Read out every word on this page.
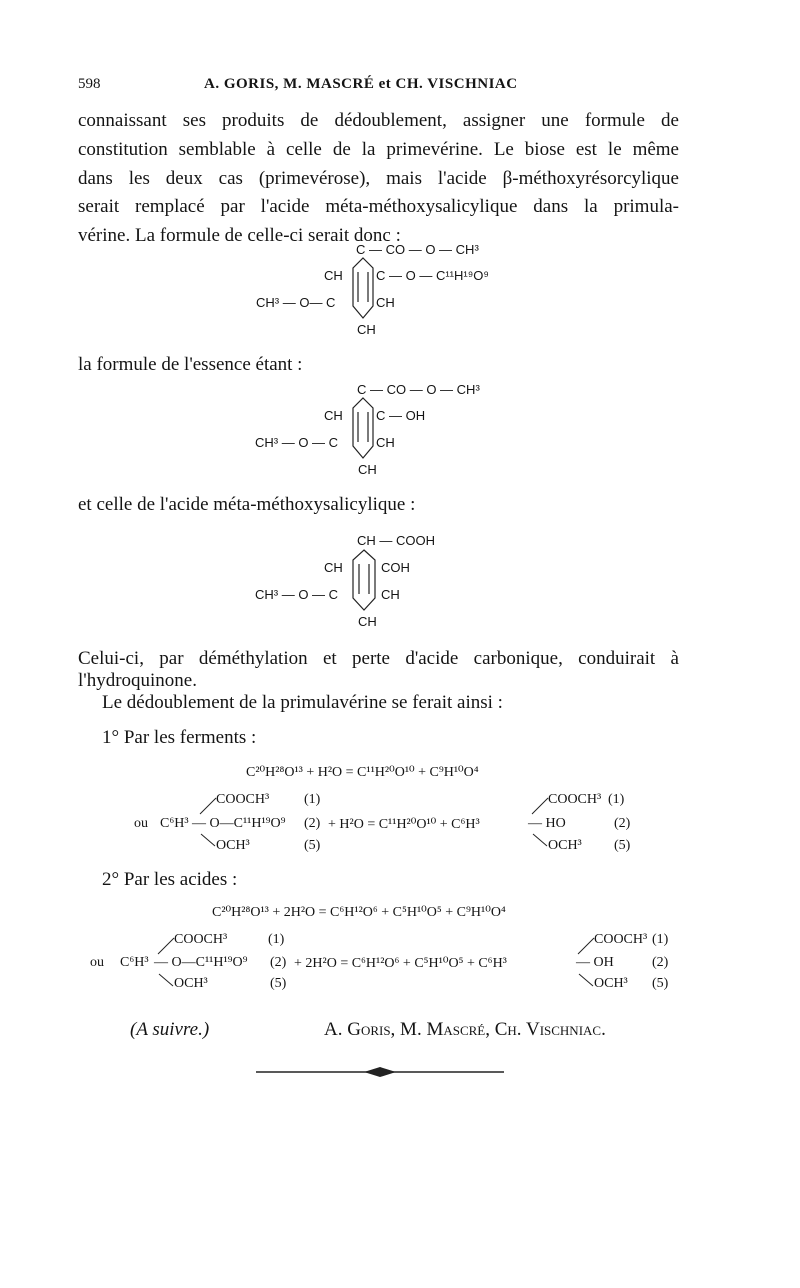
598	A. GORIS, M. MASCRÉ et CH. VISCHNIAC
connaissant ses produits de dédoublement, assigner une formule de
constitution semblable à celle de la primevérine. Le biose est le même
dans les deux cas (primevérose), mais l'acide β-méthoxyrésorcylique
serait remplacé par l'acide méta-méthoxysalicylique dans la primula-
vérine. La formule de celle-ci serait donc :
C — CO — O — CH³
CH	C — O — C¹¹H¹⁹O⁹
CH³ — O— C	CH
CH
la formule de l'essence étant :
C — CO — O — CH³
CH	C — OH
CH³ — O — C	CH
CH
et celle de l'acide méta-méthoxysalicylique :
CH — COOH
CH	COH
CH³ — O — C	CH
CH
Celui-ci, par déméthylation et perte d'acide carbonique, conduirait à
l'hydroquinone.
Le dédoublement de la primulavérine se ferait ainsi :
1° Par les ferments :
C²⁰H²⁸O¹³ + H²O = C¹¹H²⁰O¹⁰ + C⁹H¹⁰O⁴
ou C⁶H³
COOCH³ (1)
— O—C¹¹H¹⁹O⁹ (2)
OCH³	(5)
+ H²O = C¹¹H²⁰O¹⁰ + C⁶H³
COOCH³ (1)
— HO	(2)
OCH³ (5)
2° Par les acides :
C²⁰H²⁸O¹³ + 2H²O = C⁶H¹²O⁶ + C⁵H¹⁰O⁵ + C⁹H¹⁰O⁴
ou C⁶H³
COOCH³	(1)
— O—C¹¹H¹⁹O⁹ (2)
OCH³	(5)
+ 2H²O = C⁶H¹²O⁶ + C⁵H¹⁰O⁵ + C⁶H³
COOCH³ (1)
— OH	(2)
OCH³ (5)
(A suivre.)	A. Goris, M. Mascré, Ch. Vischniac.
